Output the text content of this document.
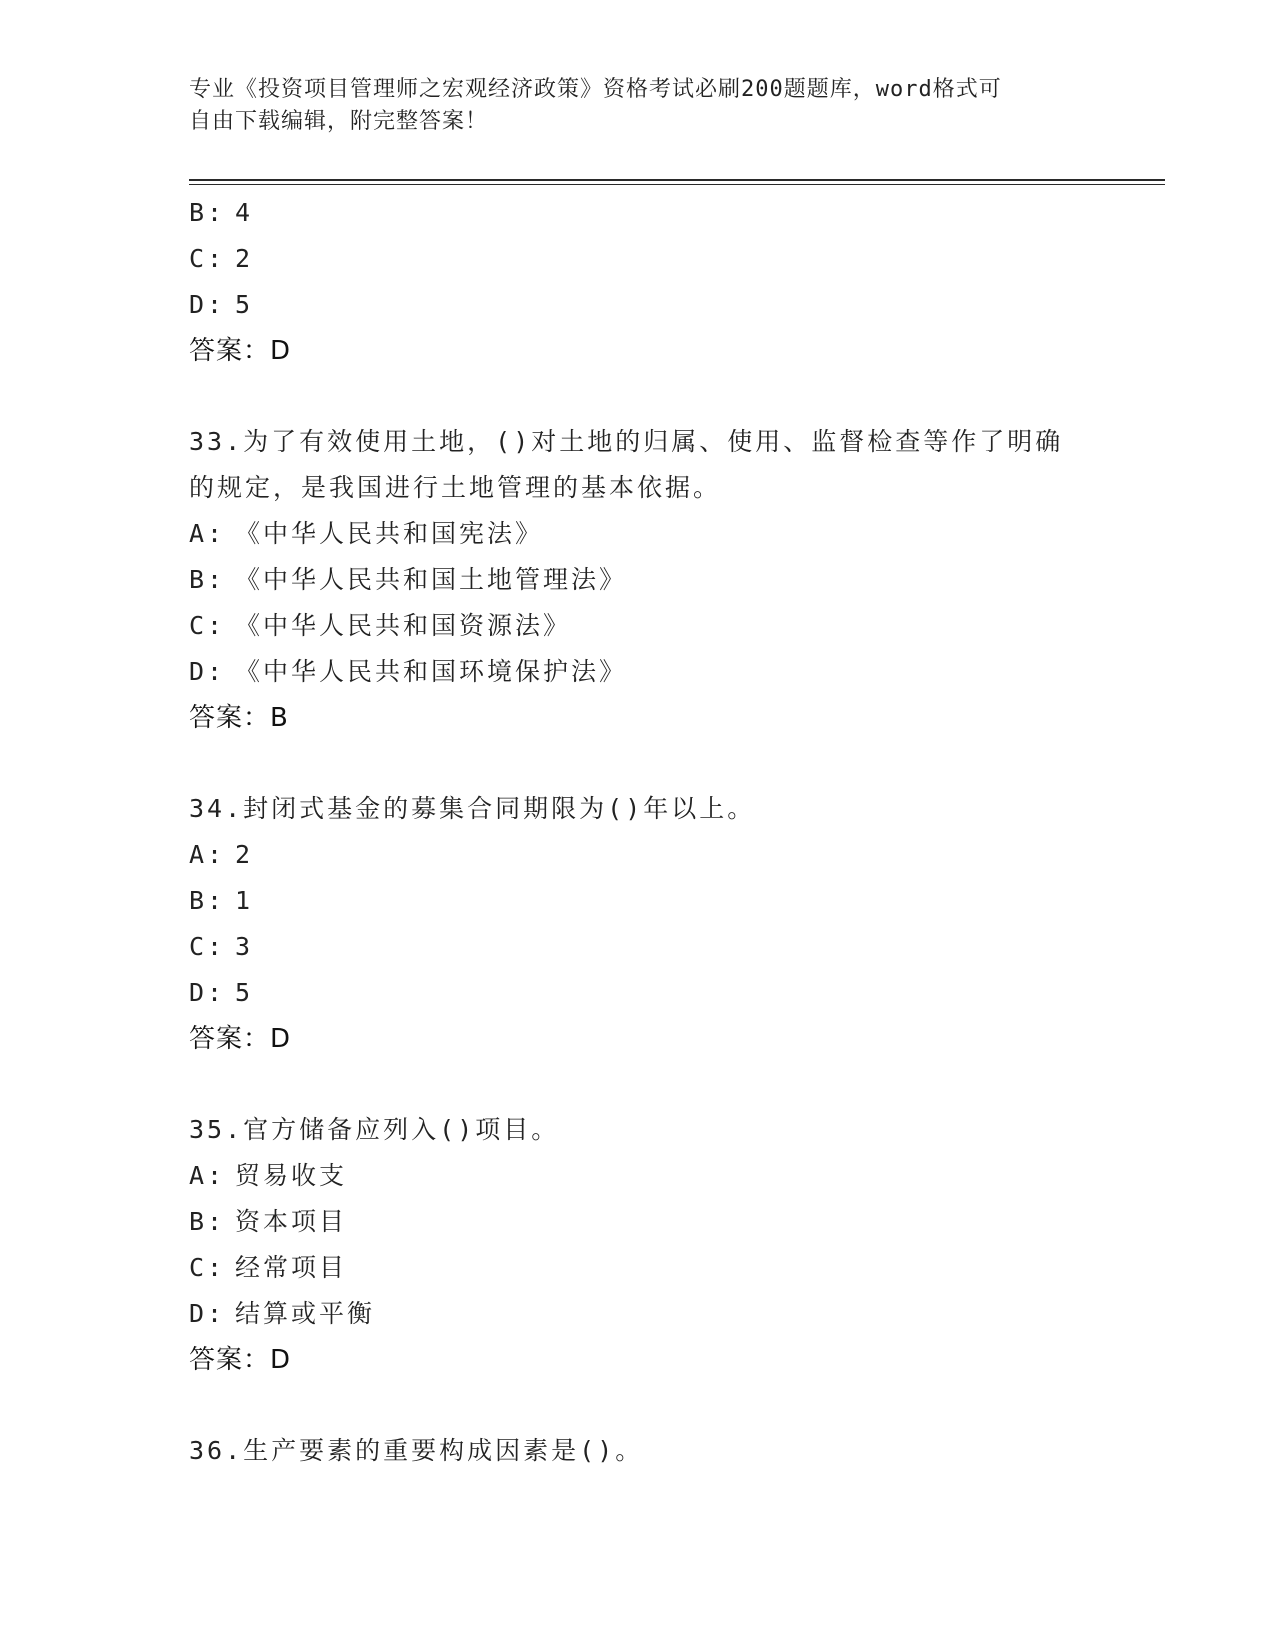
专业《投资项目管理师之宏观经济政策》资格考试必刷200题题库，word格式可
自由下载编辑，附完整答案！
B: 4
C: 2
D: 5
答案：D
33.为了有效使用土地，()对土地的归属、使用、监督检查等作了明确
的规定，是我国进行土地管理的基本依据。
A: 《中华人民共和国宪法》
B: 《中华人民共和国土地管理法》
C: 《中华人民共和国资源法》
D: 《中华人民共和国环境保护法》
答案：B
34.封闭式基金的募集合同期限为()年以上。
A: 2
B: 1
C: 3
D: 5
答案：D
35.官方储备应列入()项目。
A: 贸易收支
B: 资本项目
C: 经常项目
D: 结算或平衡
答案：D
36.生产要素的重要构成因素是()。
